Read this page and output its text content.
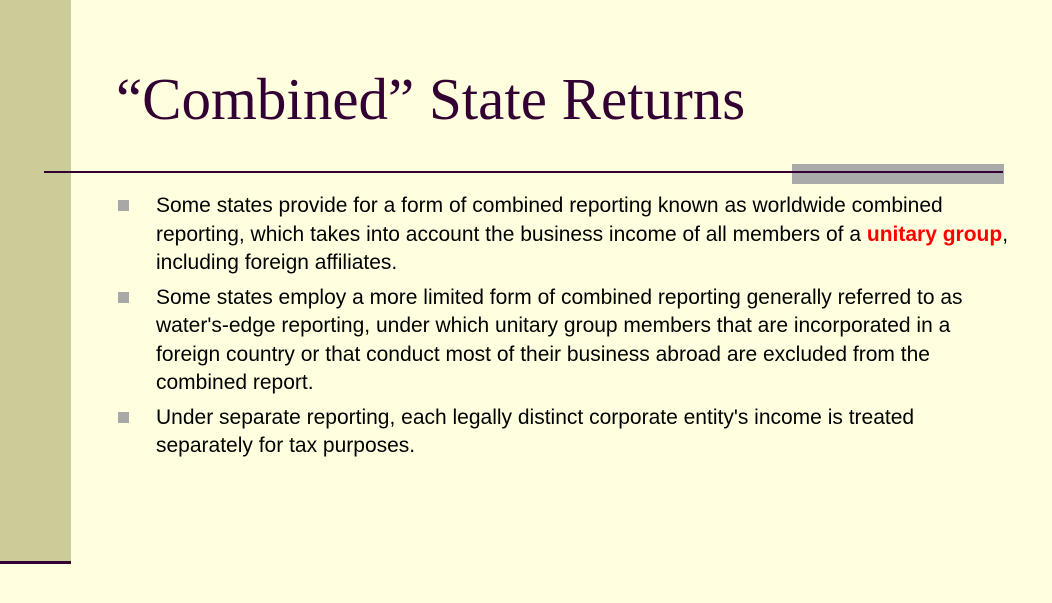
“Combined” State Returns
Some states provide for a form of combined reporting known as worldwide combined reporting, which takes into account the business income of all members of a unitary group, including foreign affiliates.
Some states employ a more limited form of combined reporting generally referred to as water's-edge reporting, under which unitary group members that are incorporated in a foreign country or that conduct most of their business abroad are excluded from the combined report.
Under separate reporting, each legally distinct corporate entity's income is treated separately for tax purposes.
